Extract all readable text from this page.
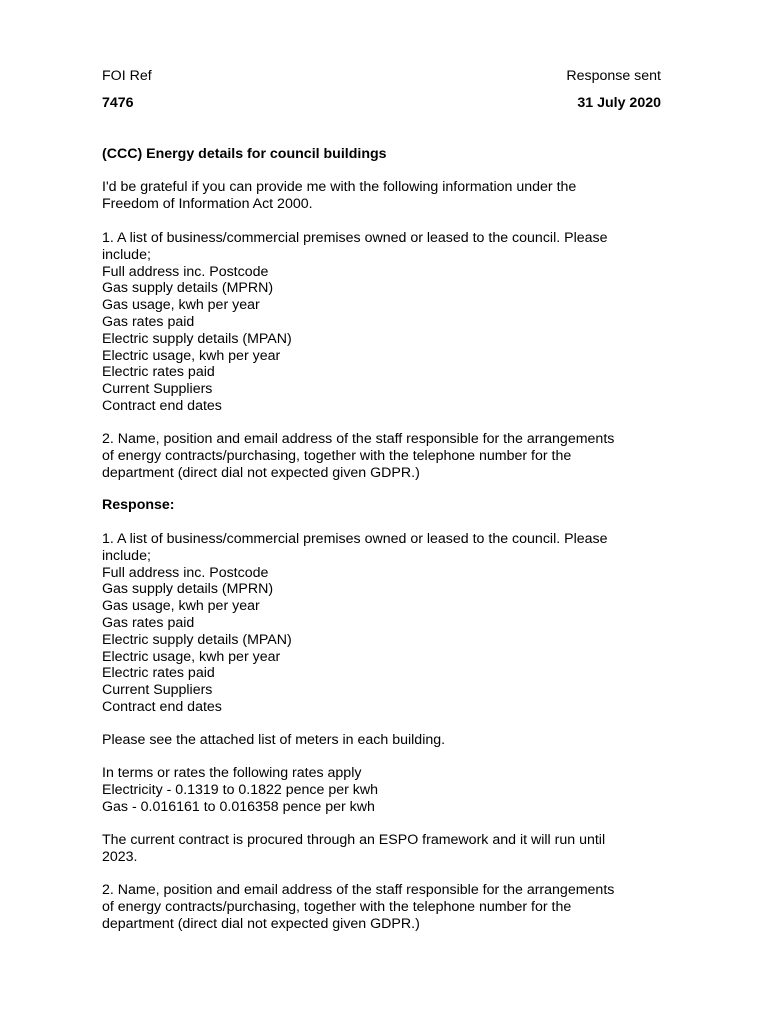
FOI Ref	Response sent
7476	31 July 2020
(CCC) Energy details for council buildings
I'd be grateful if you can provide me with the following information under the
Freedom of Information Act 2000.
1. A list of business/commercial premises owned or leased to the council. Please
include;
Full address inc. Postcode
Gas supply details (MPRN)
Gas usage, kwh per year
Gas rates paid
Electric supply details (MPAN)
Electric usage, kwh per year
Electric rates paid
Current Suppliers
Contract end dates
2. Name, position and email address of the staff responsible for the arrangements
of energy contracts/purchasing, together with the telephone number for the
department (direct dial not expected given GDPR.)
Response:
1. A list of business/commercial premises owned or leased to the council. Please
include;
Full address inc. Postcode
Gas supply details (MPRN)
Gas usage, kwh per year
Gas rates paid
Electric supply details (MPAN)
Electric usage, kwh per year
Electric rates paid
Current Suppliers
Contract end dates
Please see the attached list of meters in each building.
In terms or rates the following rates apply
Electricity - 0.1319 to 0.1822 pence per kwh
Gas - 0.016161 to 0.016358 pence per kwh
The current contract is procured through an ESPO framework and it will run until
2023.
2. Name, position and email address of the staff responsible for the arrangements
of energy contracts/purchasing, together with the telephone number for the
department (direct dial not expected given GDPR.)
